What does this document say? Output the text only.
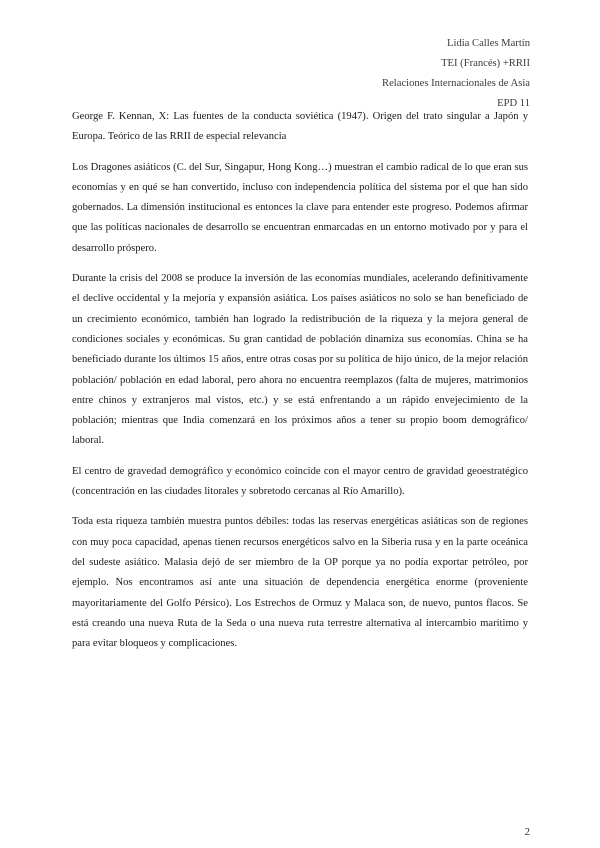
Lidia Calles Martín
TEI (Francés) +RRII
Relaciones Internacionales de Asia
EPD 11

George F. Kennan, X: Las fuentes de la conducta soviética (1947). Origen del trato singular a Japón y Europa. Teórico de las RRII de especial relevancia

Los Dragones asiáticos (C. del Sur, Singapur, Hong Kong…) muestran el cambio radical de lo que eran sus economías y en qué se han convertido, incluso con independencia política del sistema por el que han sido gobernados. La dimensión institucional es entonces la clave para entender este progreso. Podemos afirmar que las políticas nacionales de desarrollo se encuentran enmarcadas en un entorno motivado por y para el desarrollo próspero.

Durante la crisis del 2008 se produce la inversión de las economías mundiales, acelerando definitivamente el declive occidental y la mejoría y expansión asiática. Los países asiáticos no solo se han beneficiado de un crecimiento económico, también han logrado la redistribución de la riqueza y la mejora general de condiciones sociales y económicas. Su gran cantidad de población dinamiza sus economías. China se ha beneficiado durante los últimos 15 años, entre otras cosas por su política de hijo único, de la mejor relación población/ población en edad laboral, pero ahora no encuentra reemplazos (falta de mujeres, matrimonios entre chinos y extranjeros mal vistos, etc.) y se está enfrentando a un rápido envejecimiento de la población; mientras que India comenzará en los próximos años a tener su propio boom demográfico/ laboral.

El centro de gravedad demográfico y económico coincide con el mayor centro de gravidad geoestratégico (concentración en las ciudades litorales y sobretodo cercanas al Río Amarillo).

Toda esta riqueza también muestra puntos débiles: todas las reservas energéticas asiáticas son de regiones con muy poca capacidad, apenas tienen recursos energéticos salvo en la Siberia rusa y en la parte oceánica del sudeste asiático. Malasia dejó de ser miembro de la OP porque ya no podía exportar petróleo, por ejemplo. Nos encontramos así ante una situación de dependencia energética enorme (proveniente mayoritariamente del Golfo Pérsico). Los Estrechos de Ormuz y Malaca son, de nuevo, puntos flacos. Se está creando una nueva Ruta de la Seda o una nueva ruta terrestre alternativa al intercambio marítimo y para evitar bloqueos y complicaciones.

2
